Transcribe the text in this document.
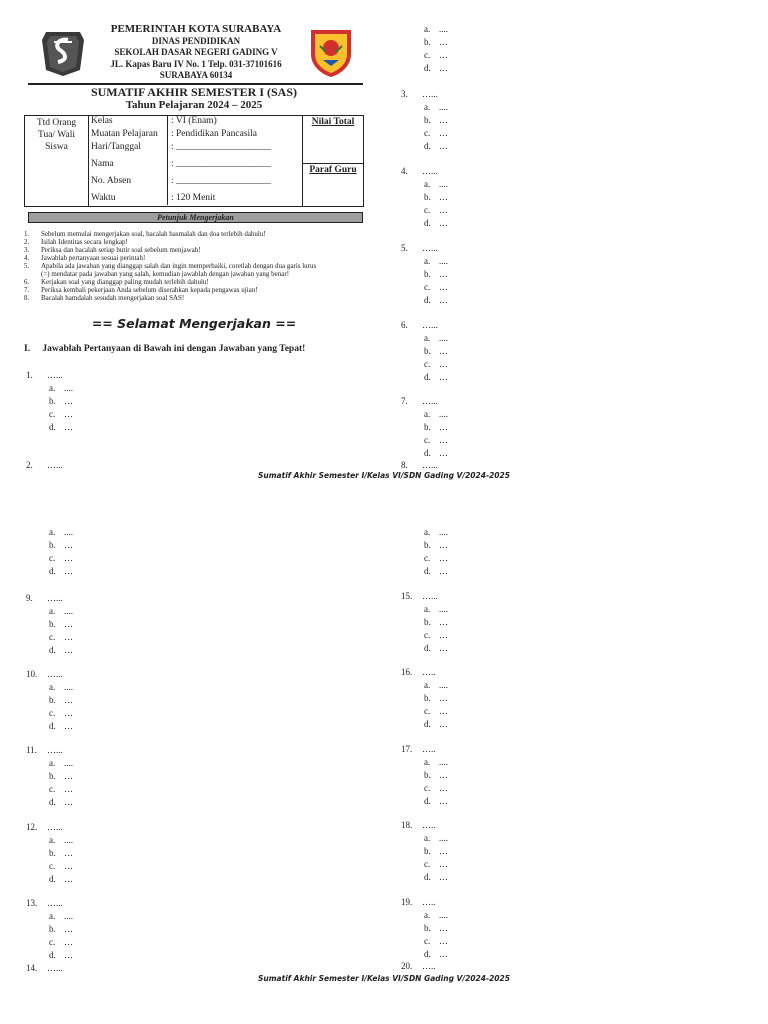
PEMERINTAH KOTA SURABAYA
DINAS PENDIDIKAN
SEKOLAH DASAR NEGERI GADING V
JL. Kapas Baru IV No. 1 Telp. 031-37101616
SURABAYA 60134
SUMATIF AKHIR SEMESTER I (SAS)
Tahun Pelajaran 2024 – 2025
Ttd Orang Tua/ Wali Siswa

Kelas	: VI (Enam)
Muatan Pelajaran : Pendidikan Pancasila
Hari/Tanggal	: ____________________
Nama	: ____________________
No. Absen	: ____________________
Waktu	: 120 Menit

Nilai Total

Paraf Guru
Petunjuk Mengerjakan
1. Sebelum memulai mengerjakan soal, bacalah basmalah dan doa terlebih dahulu!
2. Isilah Identitas secara lengkap!
3. Periksa dan bacalah setiap butir soal sebelum menjawab!
4. Jawablah pertanyaan sesuai perintah!
5. Apabila ada jawaban yang dianggap salah dan ingin memperbaiki, coretlah dengan dua garis lurus
(=) mendatar pada jawaban yang salah, kemudian jawablah dengan jawaban yang benar!
6. Kerjakan soal yang dianggap paling mudah terlebih dahulu!
7. Periksa kembali pekerjaan Anda sebelum diserahkan kepada pengawas ujian!
8. Bacalah hamdalah sesudah mengerjakan soal SAS!
== Selamat Mengerjakan ==
I. Jawablah Pertanyaan di Bawah ini dengan Jawaban yang Tepat!
a. ....
b. …
c. …
d. …
1. …...
a. ....
b. …
c. …
d. …
2. …...
a. ....
b. …
c. …
d. …
3. …...
a. ....
b. …
c. …
d. …
4. …...
a. ....
b. …
c. …
d. …
5. …...
a. ....
b. …
c. …
d. …
6. …...
a. ....
b. …
c. …
d. …
7. …...
a. ....
b. …
c. …
d. …
8. …...
a. ....
b. …
c. …
d. …
9. …...
a. ....
b. …
c. …
d. …
10. …...
a. ....
b. …
c. …
d. …
11. …...
a. ....
b. …
c. …
d. …
12. …...
a. ....
b. …
c. …
d. …
13. …...
a. ....
b. …
c. …
d. …
14. …...
15. …...
a. ....
b. …
c. …
d. …
16. …..
a. ....
b. …
c. …
d. …
17. …..
a. ....
b. …
c. …
d. …
18. …..
a. ....
b. …
c. …
d. …
19. …..
a. ....
b. …
c. …
d. …
20. …..
Sumatif Akhir Semester I/Kelas VI/SDN Gading V/2024-2025
Sumatif Akhir Semester I/Kelas VI/SDN Gading V/2024-2025
